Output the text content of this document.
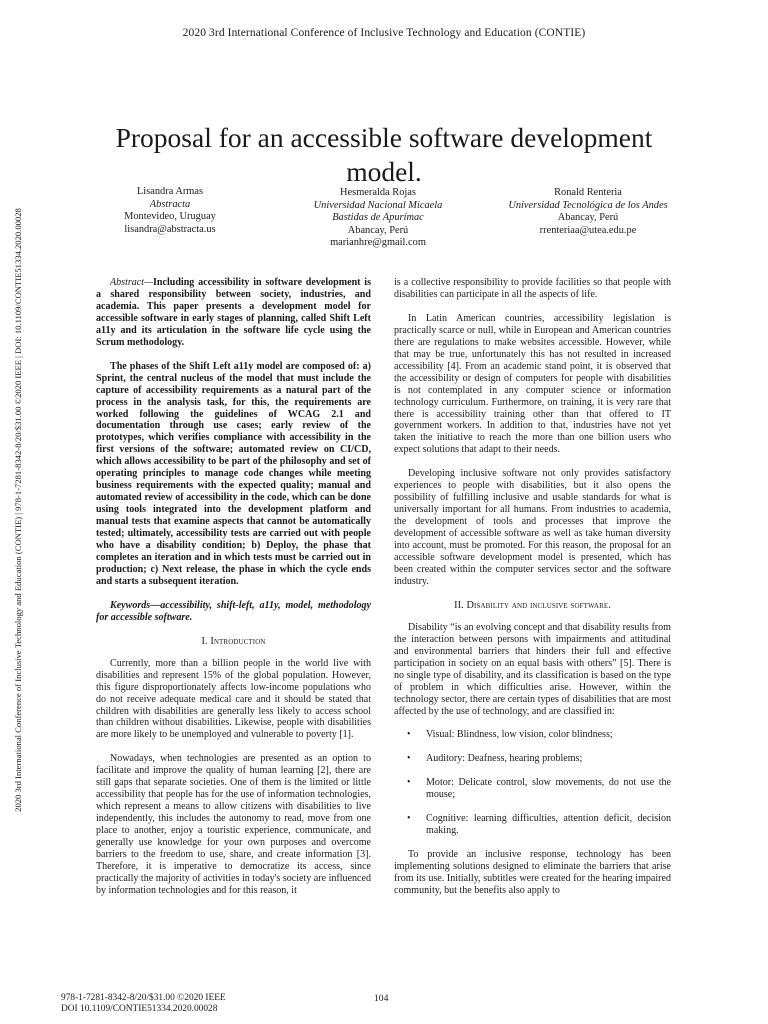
2020 3rd International Conference of Inclusive Technology and Education (CONTIE)
2020 3rd International Conference of Inclusive Technology and Education (CONTIE) | 978-1-7281-8342-8/20/$31.00 ©2020 IEEE | DOI: 10.1109/CONTIE51334.2020.00028
Proposal for an accessible software development model.
Lisandra Armas
Abstracta
Montevideo, Uruguay
lisandra@abstracta.us
Hesmeralda Rojas
Universidad Nacional Micaela
Bastidas de Apurímac
Abancay, Perú
marianhre@gmail.com
Ronald Renteria
Universidad Tecnológica de los Andes
Abancay, Perú
rrenteriaa@utea.edu.pe

Abstract—Including accessibility in software development is a shared responsibility between society, industries, and academia. This paper presents a development model for accessible software in early stages of planning, called Shift Left a11y and its articulation in the software life cycle using the Scrum methodology.

The phases of the Shift Left a11y model are composed of: a) Sprint, the central nucleus of the model that must include the capture of accessibility requirements as a natural part of the process in the analysis task, for this, the requirements are worked following the guidelines of WCAG 2.1 and documentation through use cases; early review of the prototypes, which verifies compliance with accessibility in the first versions of the software; automated review on CI/CD, which allows accessibility to be part of the philosophy and set of operating principles to manage code changes while meeting business requirements with the expected quality; manual and automated review of accessibility in the code, which can be done using tools integrated into the development platform and manual tests that examine aspects that cannot be automatically tested; ultimately, accessibility tests are carried out with people who have a disability condition; b) Deploy, the phase that completes an iteration and in which tests must be carried out in production; c) Next release, the phase in which the cycle ends and starts a subsequent iteration.

Keywords—accessibility, shift-left, a11y, model, methodology for accessible software.

I. Introduction

Currently, more than a billion people in the world live with disabilities and represent 15% of the global population. However, this figure disproportionately affects low-income populations who do not receive adequate medical care and it should be stated that children with disabilities are generally less likely to access school than children without disabilities. Likewise, people with disabilities are more likely to be unemployed and vulnerable to poverty [1].

Nowadays, when technologies are presented as an option to facilitate and improve the quality of human learning [2], there are still gaps that separate societies. One of them is the limited or little accessibility that people has for the use of information technologies, which represent a means to allow citizens with disabilities to live independently, this includes the autonomy to read, move from one place to another, enjoy a touristic experience, communicate, and generally use knowledge for your own purposes and overcome barriers to the freedom to use, share, and create information [3]. Therefore, it is imperative to democratize its access, since practically the majority of activities in today's society are influenced by information technologies and for this reason, it

is a collective responsibility to provide facilities so that people with disabilities can participate in all the aspects of life.

In Latin American countries, accessibility legislation is practically scarce or null, while in European and American countries there are regulations to make websites accessible. However, while that may be true, unfortunately this has not resulted in increased accessibility [4]. From an academic stand point, it is observed that the accessibility or design of computers for people with disabilities is not contemplated in any computer science or information technology curriculum. Furthermore, on training, it is very rare that there is accessibility training other than that offered to IT government workers. In addition to that, industries have not yet taken the initiative to reach the more than one billion users who expect solutions that adapt to their needs.

Developing inclusive software not only provides satisfactory experiences to people with disabilities, but it also opens the possibility of fulfilling inclusive and usable standards for what is universally important for all humans. From industries to academia, the development of tools and processes that improve the development of accessible software as well as take human diversity into account, must be promoted. For this reason, the proposal for an accessible software development model is presented, which has been created within the computer services sector and the software industry.

II. Disability and inclusive software.

Disability “is an evolving concept and that disability results from the interaction between persons with impairments and attitudinal and environmental barriers that hinders their full and effective participation in society on an equal basis with others” [5]. There is no single type of disability, and its classification is based on the type of problem in which difficulties arise. However, within the technology sector, there are certain types of disabilities that are most affected by the use of technology, and are classified in:

• Visual: Blindness, low vision, color blindness;
• Auditory: Deafness, hearing problems;
• Motor: Delicate control, slow movements, do not use the mouse;
• Cognitive: learning difficulties, attention deficit, decision making.

To provide an inclusive response, technology has been implementing solutions designed to eliminate the barriers that arise from its use. Initially, subtitles were created for the hearing impaired community, but the benefits also apply to

978-1-7281-8342-8/20/$31.00 ©2020 IEEE
DOI 10.1109/CONTIE51334.2020.00028
104
